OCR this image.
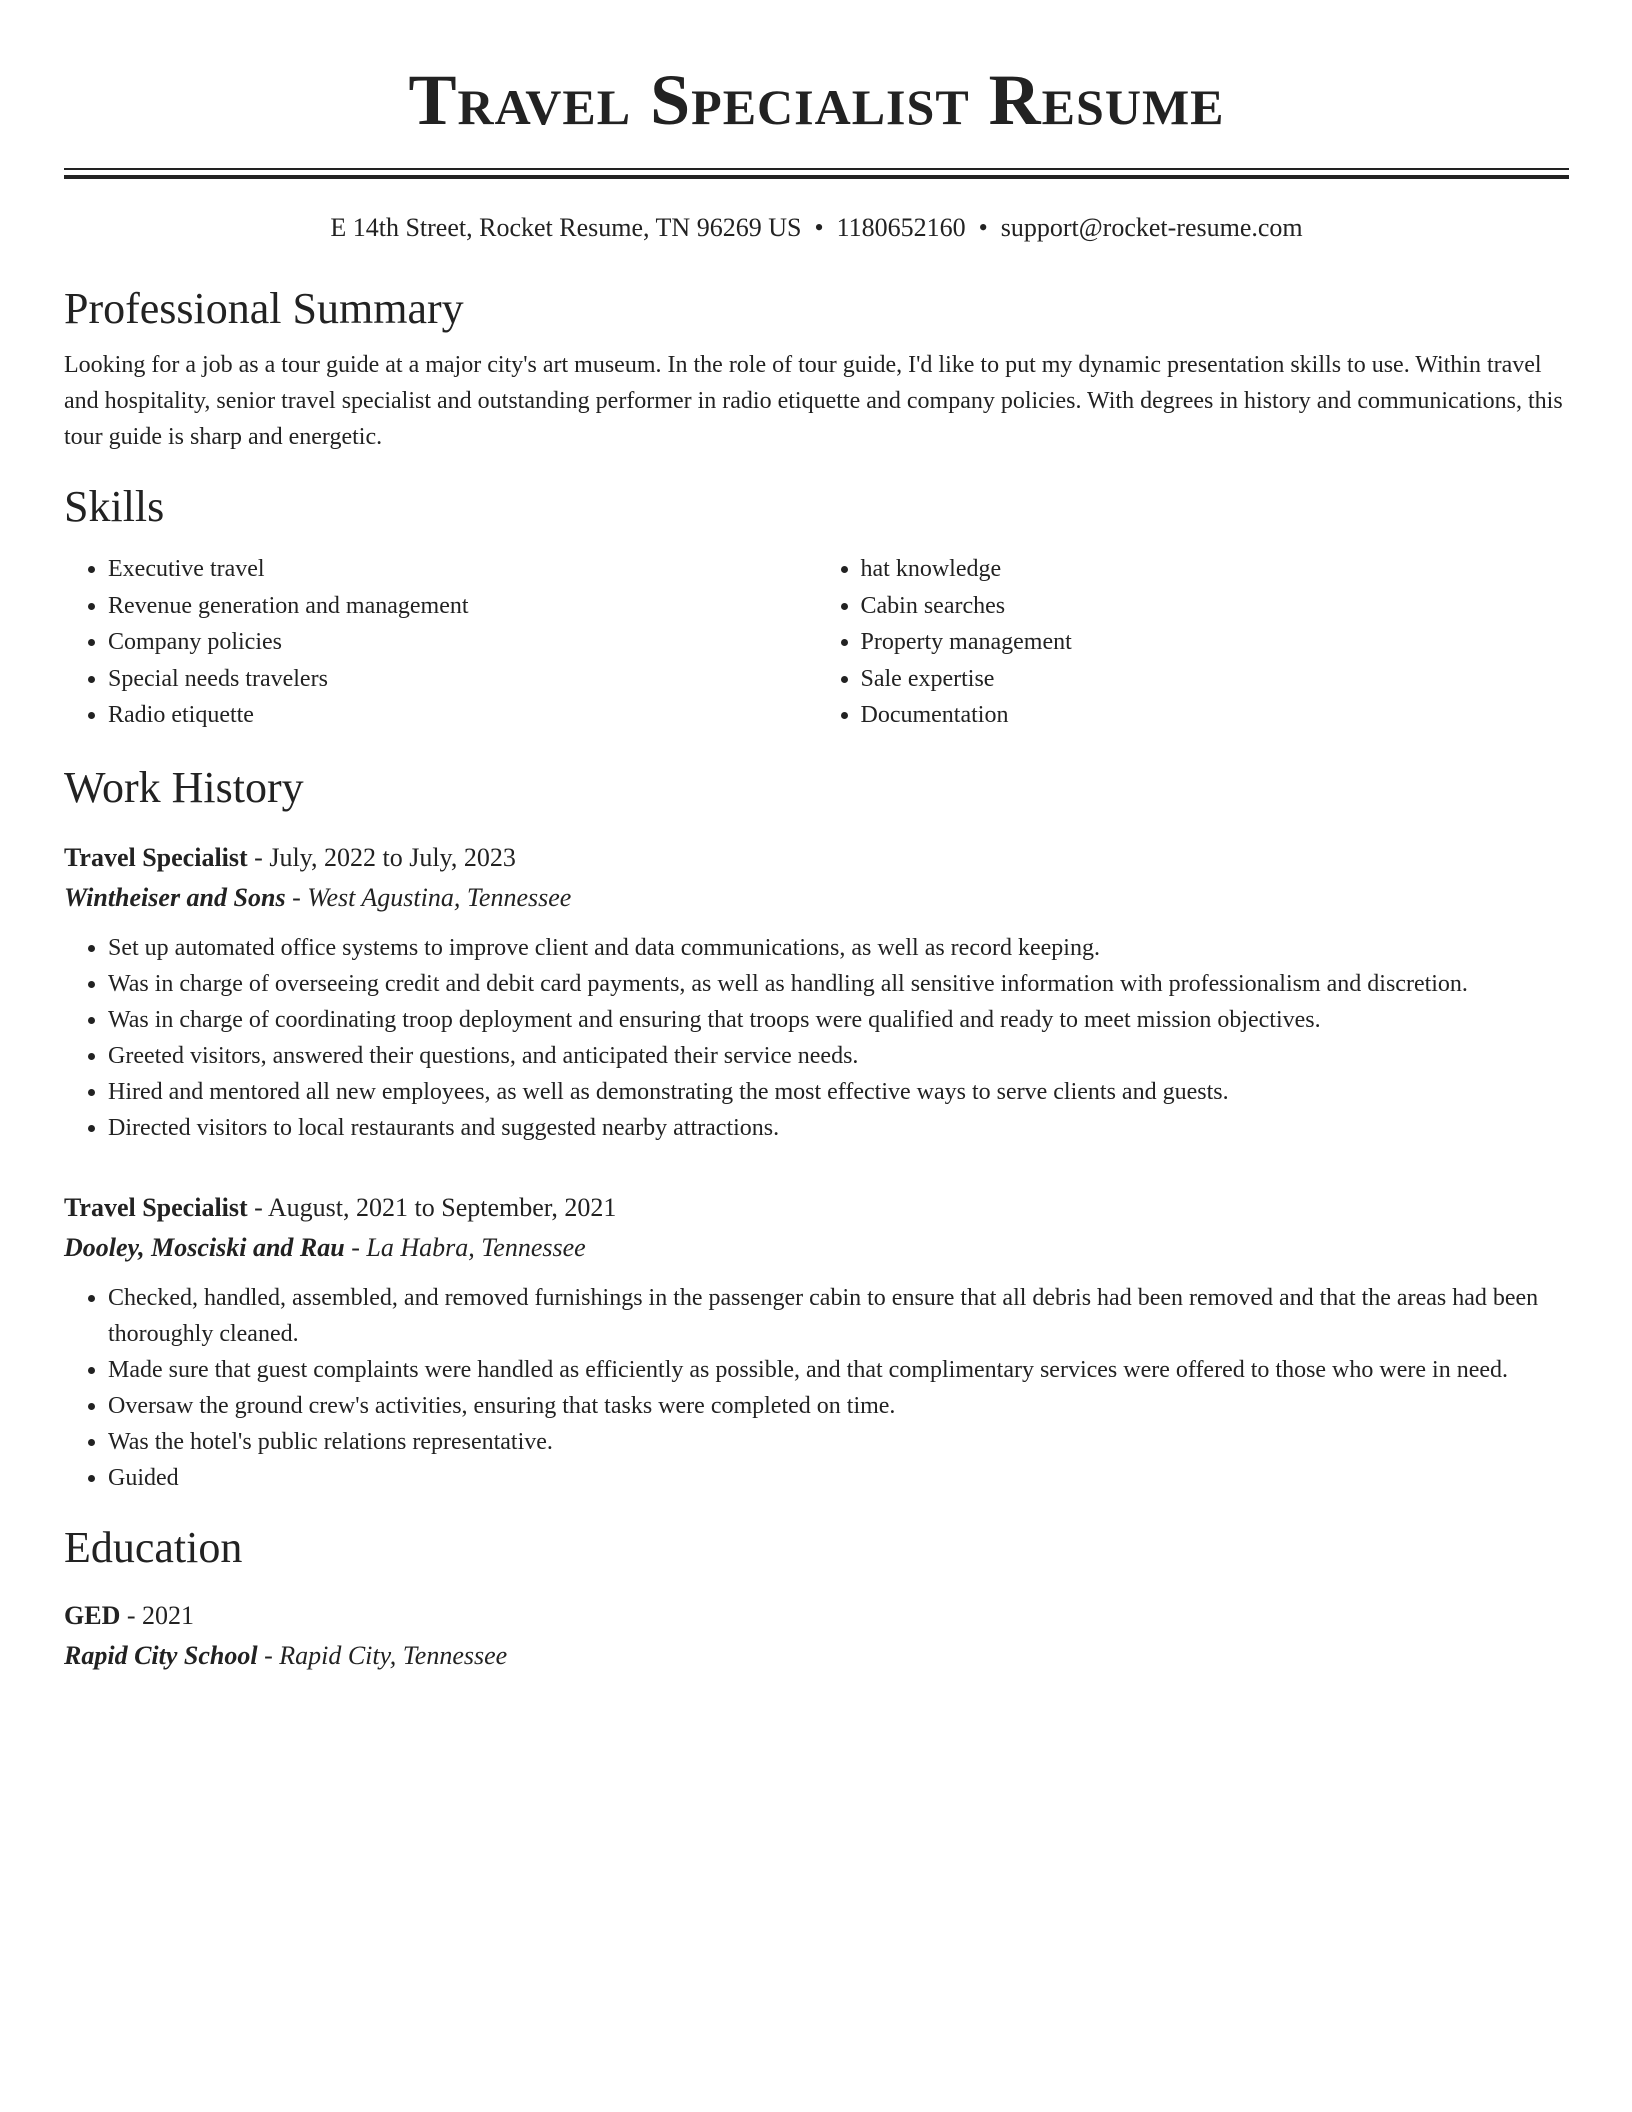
Travel Specialist Resume
E 14th Street, Rocket Resume, TN 96269 US • 1180652160 • support@rocket-resume.com
Professional Summary

Looking for a job as a tour guide at a major city's art museum. In the role of tour guide, I'd like to put my dynamic presentation skills to use. Within travel and hospitality, senior travel specialist and outstanding performer in radio etiquette and company policies. With degrees in history and communications, this tour guide is sharp and energetic.

Skills
• Executive travel
• Revenue generation and management
• Company policies
• Special needs travelers
• Radio etiquette
• hat knowledge
• Cabin searches
• Property management
• Sale expertise
• Documentation
Work History
Travel Specialist - July, 2022 to July, 2023
Wintheiser and Sons - West Agustina, Tennessee
• Set up automated office systems to improve client and data communications, as well as record keeping.
• Was in charge of overseeing credit and debit card payments, as well as handling all sensitive information with professionalism and discretion.
• Was in charge of coordinating troop deployment and ensuring that troops were qualified and ready to meet mission objectives.
• Greeted visitors, answered their questions, and anticipated their service needs.
• Hired and mentored all new employees, as well as demonstrating the most effective ways to serve clients and guests.
• Directed visitors to local restaurants and suggested nearby attractions.
Travel Specialist - August, 2021 to September, 2021
Dooley, Mosciski and Rau - La Habra, Tennessee
• Checked, handled, assembled, and removed furnishings in the passenger cabin to ensure that all debris had been removed and that the areas had been thoroughly cleaned.
• Made sure that guest complaints were handled as efficiently as possible, and that complimentary services were offered to those who were in need.
• Oversaw the ground crew's activities, ensuring that tasks were completed on time.
• Was the hotel's public relations representative.
• Guided
Education
GED - 2021
Rapid City School - Rapid City, Tennessee
